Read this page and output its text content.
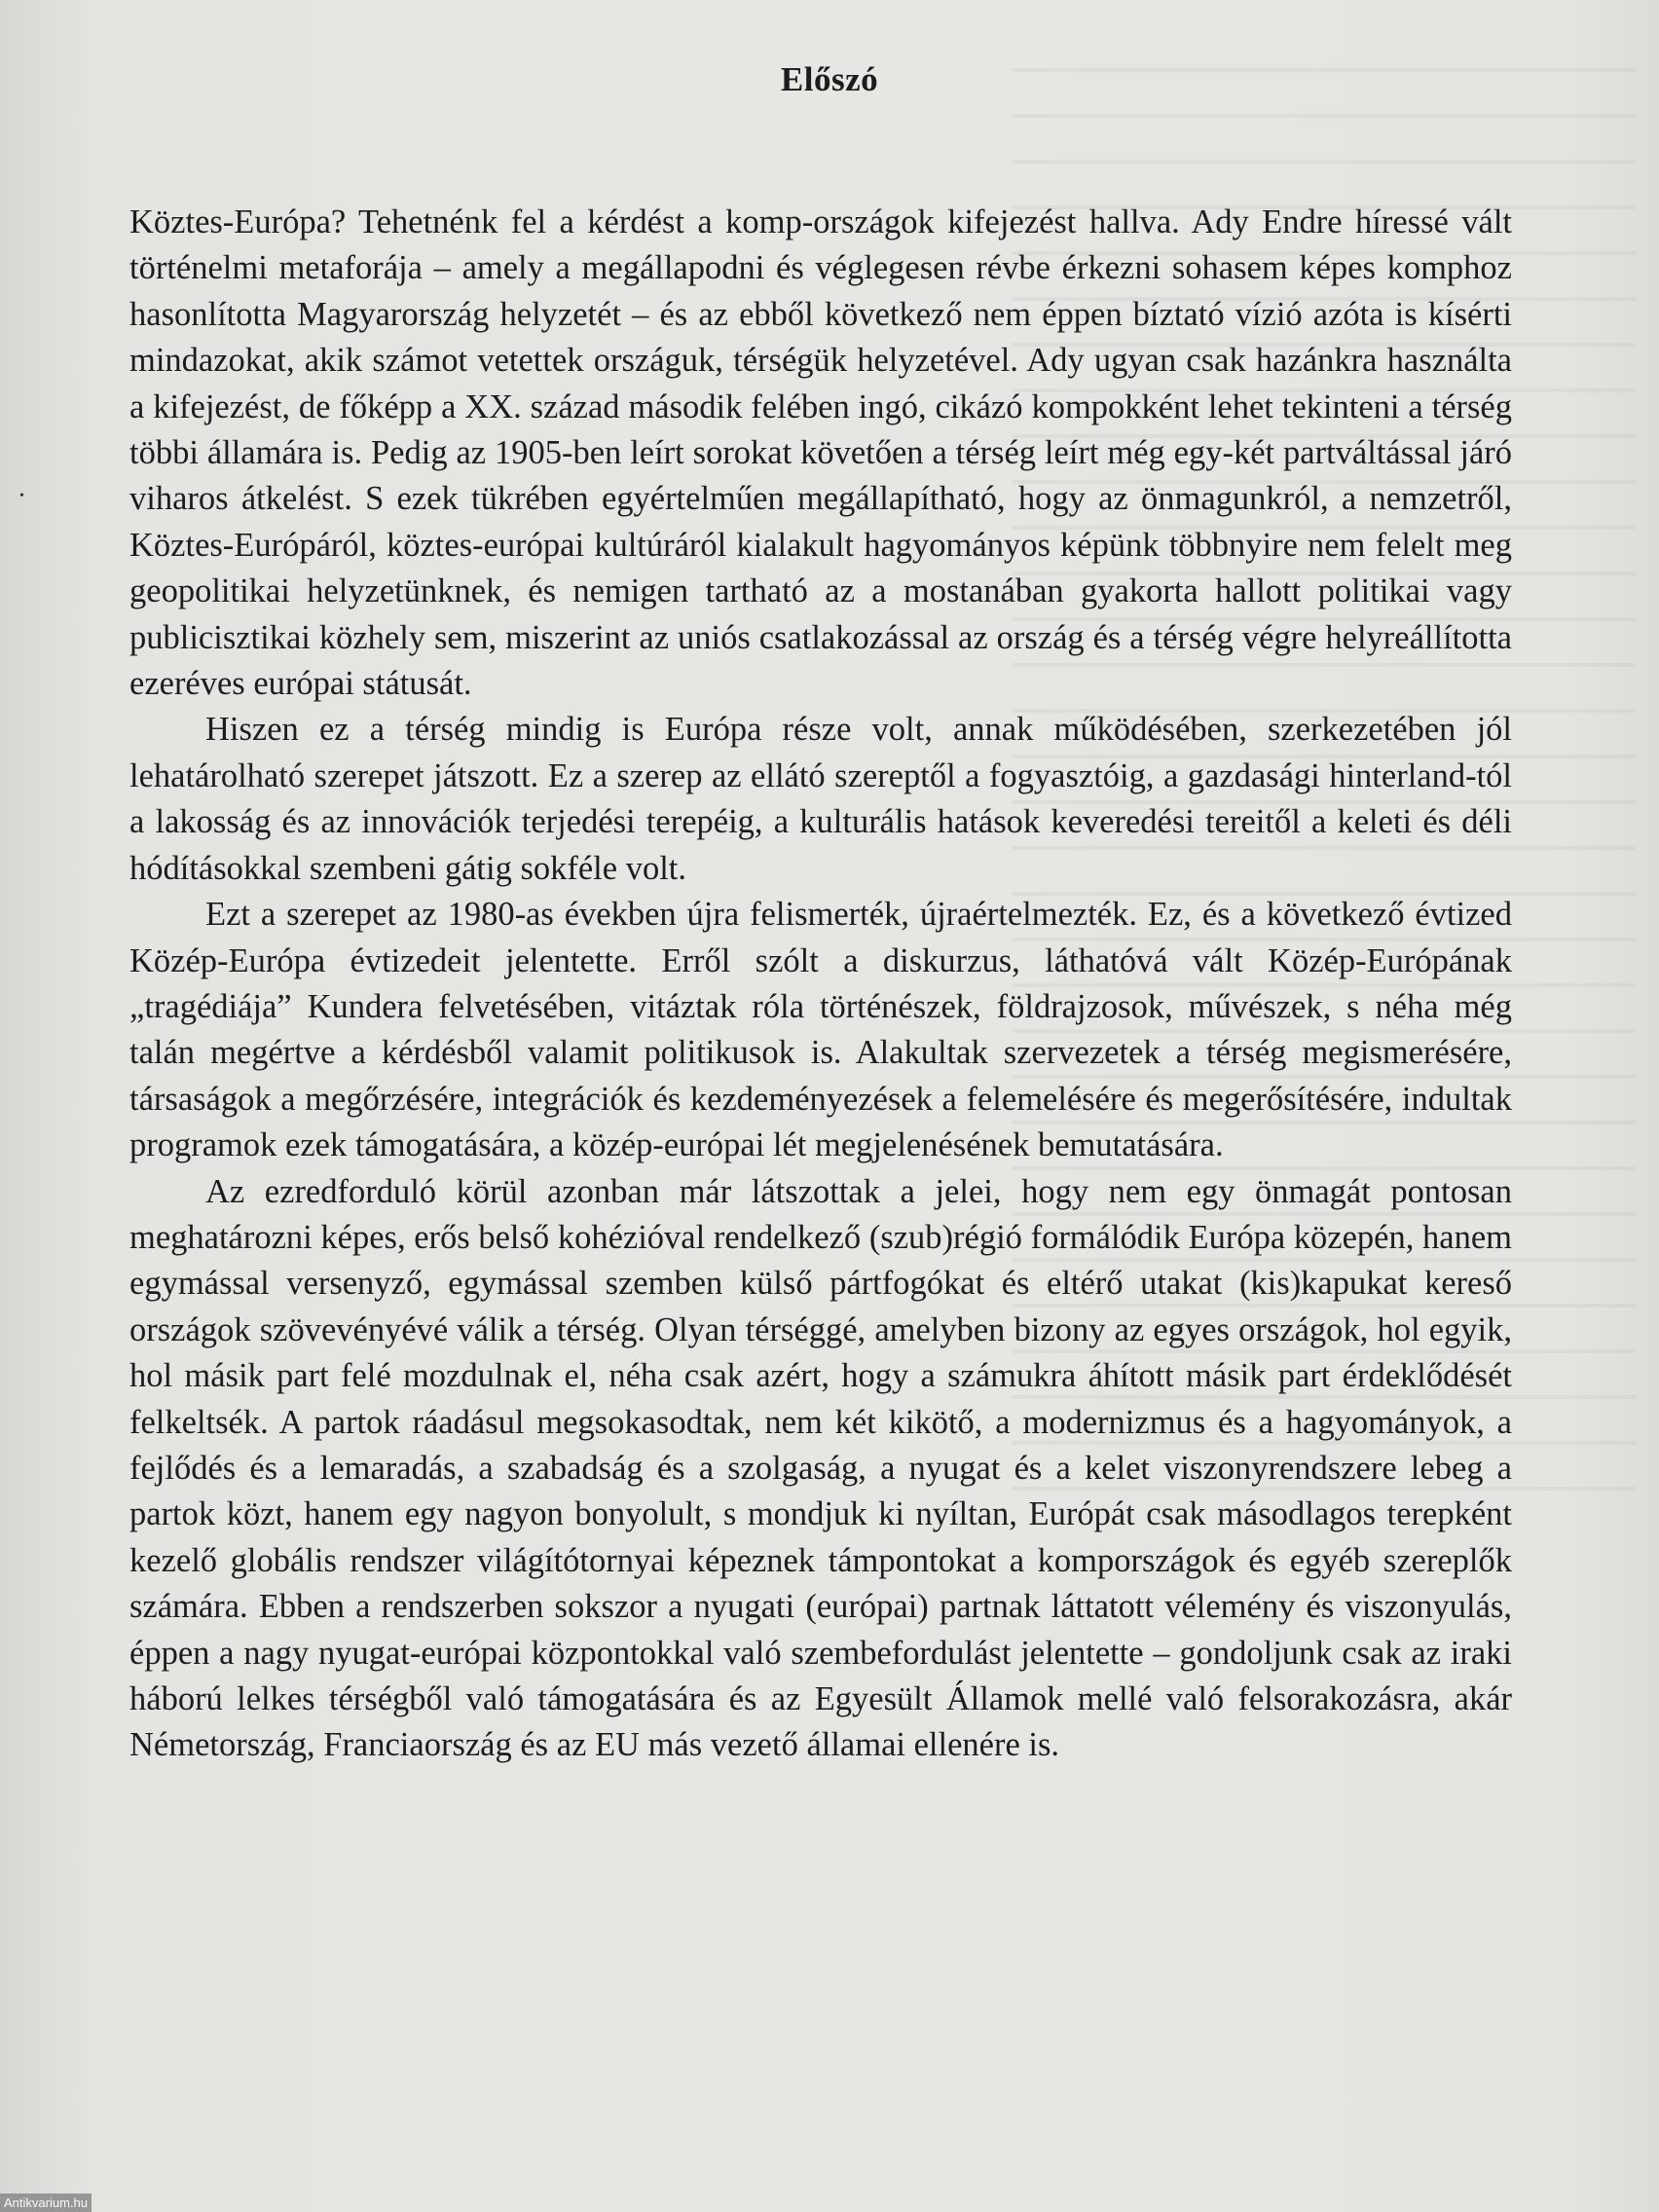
Előszó
•

Köztes-Európa? Tehetnénk fel a kérdést a komp-országok kifejezést hallva. Ady Endre híressé vált történelmi metaforája – amely a megállapodni és véglegesen révbe érkezni sohasem képes komphoz hasonlította Magyarország helyzetét – és az ebből következő nem éppen bíztató vízió azóta is kísérti mindazokat, akik számot vetettek országuk, térségük helyzetével. Ady ugyan csak hazánkra használta a kifejezést, de főképp a XX. század második felében ingó, cikázó kompokként lehet tekinteni a térség többi államára is. Pedig az 1905-ben leírt sorokat követően a térség leírt még egy-két partváltással járó viharos átkelést. S ezek tükrében egyértelműen megállapítható, hogy az önmagunkról, a nemzetről, Köztes-Európáról, köztes-európai kultúráról kialakult hagyományos képünk többnyire nem felelt meg geopolitikai helyzetünknek, és nemigen tartható az a mostanában gyakorta hallott politikai vagy publicisztikai közhely sem, miszerint az uniós csatlakozással az ország és a térség végre helyreállította ezeréves európai státusát.

Hiszen ez a térség mindig is Európa része volt, annak működésében, szerkezetében jól lehatárolható szerepet játszott. Ez a szerep az ellátó szereptől a fogyasztóig, a gazdasági hinterland-tól a lakosság és az innovációk terjedési terepéig, a kulturális hatások keveredési tereitől a keleti és déli hódításokkal szembeni gátig sokféle volt.

Ezt a szerepet az 1980-as években újra felismerték, újraértelmezték. Ez, és a következő évtized Közép-Európa évtizedeit jelentette. Erről szólt a diskurzus, láthatóvá vált Közép-Európának „tragédiája” Kundera felvetésében, vitáztak róla történészek, földrajzosok, művészek, s néha még talán megértve a kérdésből valamit politikusok is. Alakultak szervezetek a térség megismerésére, társaságok a megőrzésére, integrációk és kezdeményezések a felemelésére és megerősítésére, indultak programok ezek támogatására, a közép-európai lét megjelenésének bemutatására.

Az ezredforduló körül azonban már látszottak a jelei, hogy nem egy önmagát pontosan meghatározni képes, erős belső kohézióval rendelkező (szub)régió formálódik Európa közepén, hanem egymással versenyző, egymással szemben külső pártfogókat és eltérő utakat (kis)kapukat kereső országok szövevényévé válik a térség. Olyan térséggé, amelyben bizony az egyes országok, hol egyik, hol másik part felé mozdulnak el, néha csak azért, hogy a számukra áhított másik part érdeklődését felkeltsék. A partok ráadásul megsokasodtak, nem két kikötő, a modernizmus és a hagyományok, a fejlődés és a lemaradás, a szabadság és a szolgaság, a nyugat és a kelet viszonyrendszere lebeg a partok közt, hanem egy nagyon bonyolult, s mondjuk ki nyíltan, Európát csak másodlagos terepként kezelő globális rendszer világítótornyai képeznek támpontokat a kompországok és egyéb szereplők számára. Ebben a rendszerben sokszor a nyugati (európai) partnak láttatott vélemény és viszonyulás, éppen a nagy nyugat-európai központokkal való szembefordulást jelentette – gondoljunk csak az iraki háború lelkes térségből való támogatására és az Egyesült Államok mellé való felsorakozásra, akár Németország, Franciaország és az EU más vezető államai ellenére is.

Antikvarium.hu
